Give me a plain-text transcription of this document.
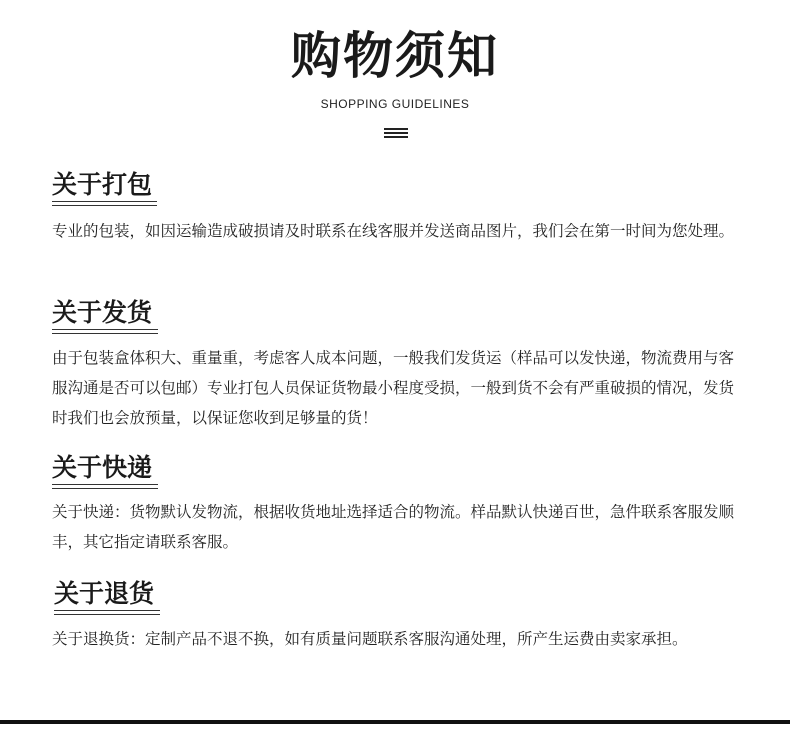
购物须知
SHOPPING GUIDELINES
关于打包
专业的包装，如因运输造成破损请及时联系在线客服并发送商品图片，我们会在第一时间为您处理。
关于发货
由于包装盒体积大、重量重，考虑客人成本问题，一般我们发货运（样品可以发快递，物流费用与客服沟通是否可以包邮）专业打包人员保证货物最小程度受损，一般到货不会有严重破损的情况，发货时我们也会放预量，以保证您收到足够量的货！
关于快递
关于快递：货物默认发物流，根据收货地址选择适合的物流。样品默认快递百世，急件联系客服发顺丰，其它指定请联系客服。
关于退货
关于退换货：定制产品不退不换，如有质量问题联系客服沟通处理，所产生运费由卖家承担。
